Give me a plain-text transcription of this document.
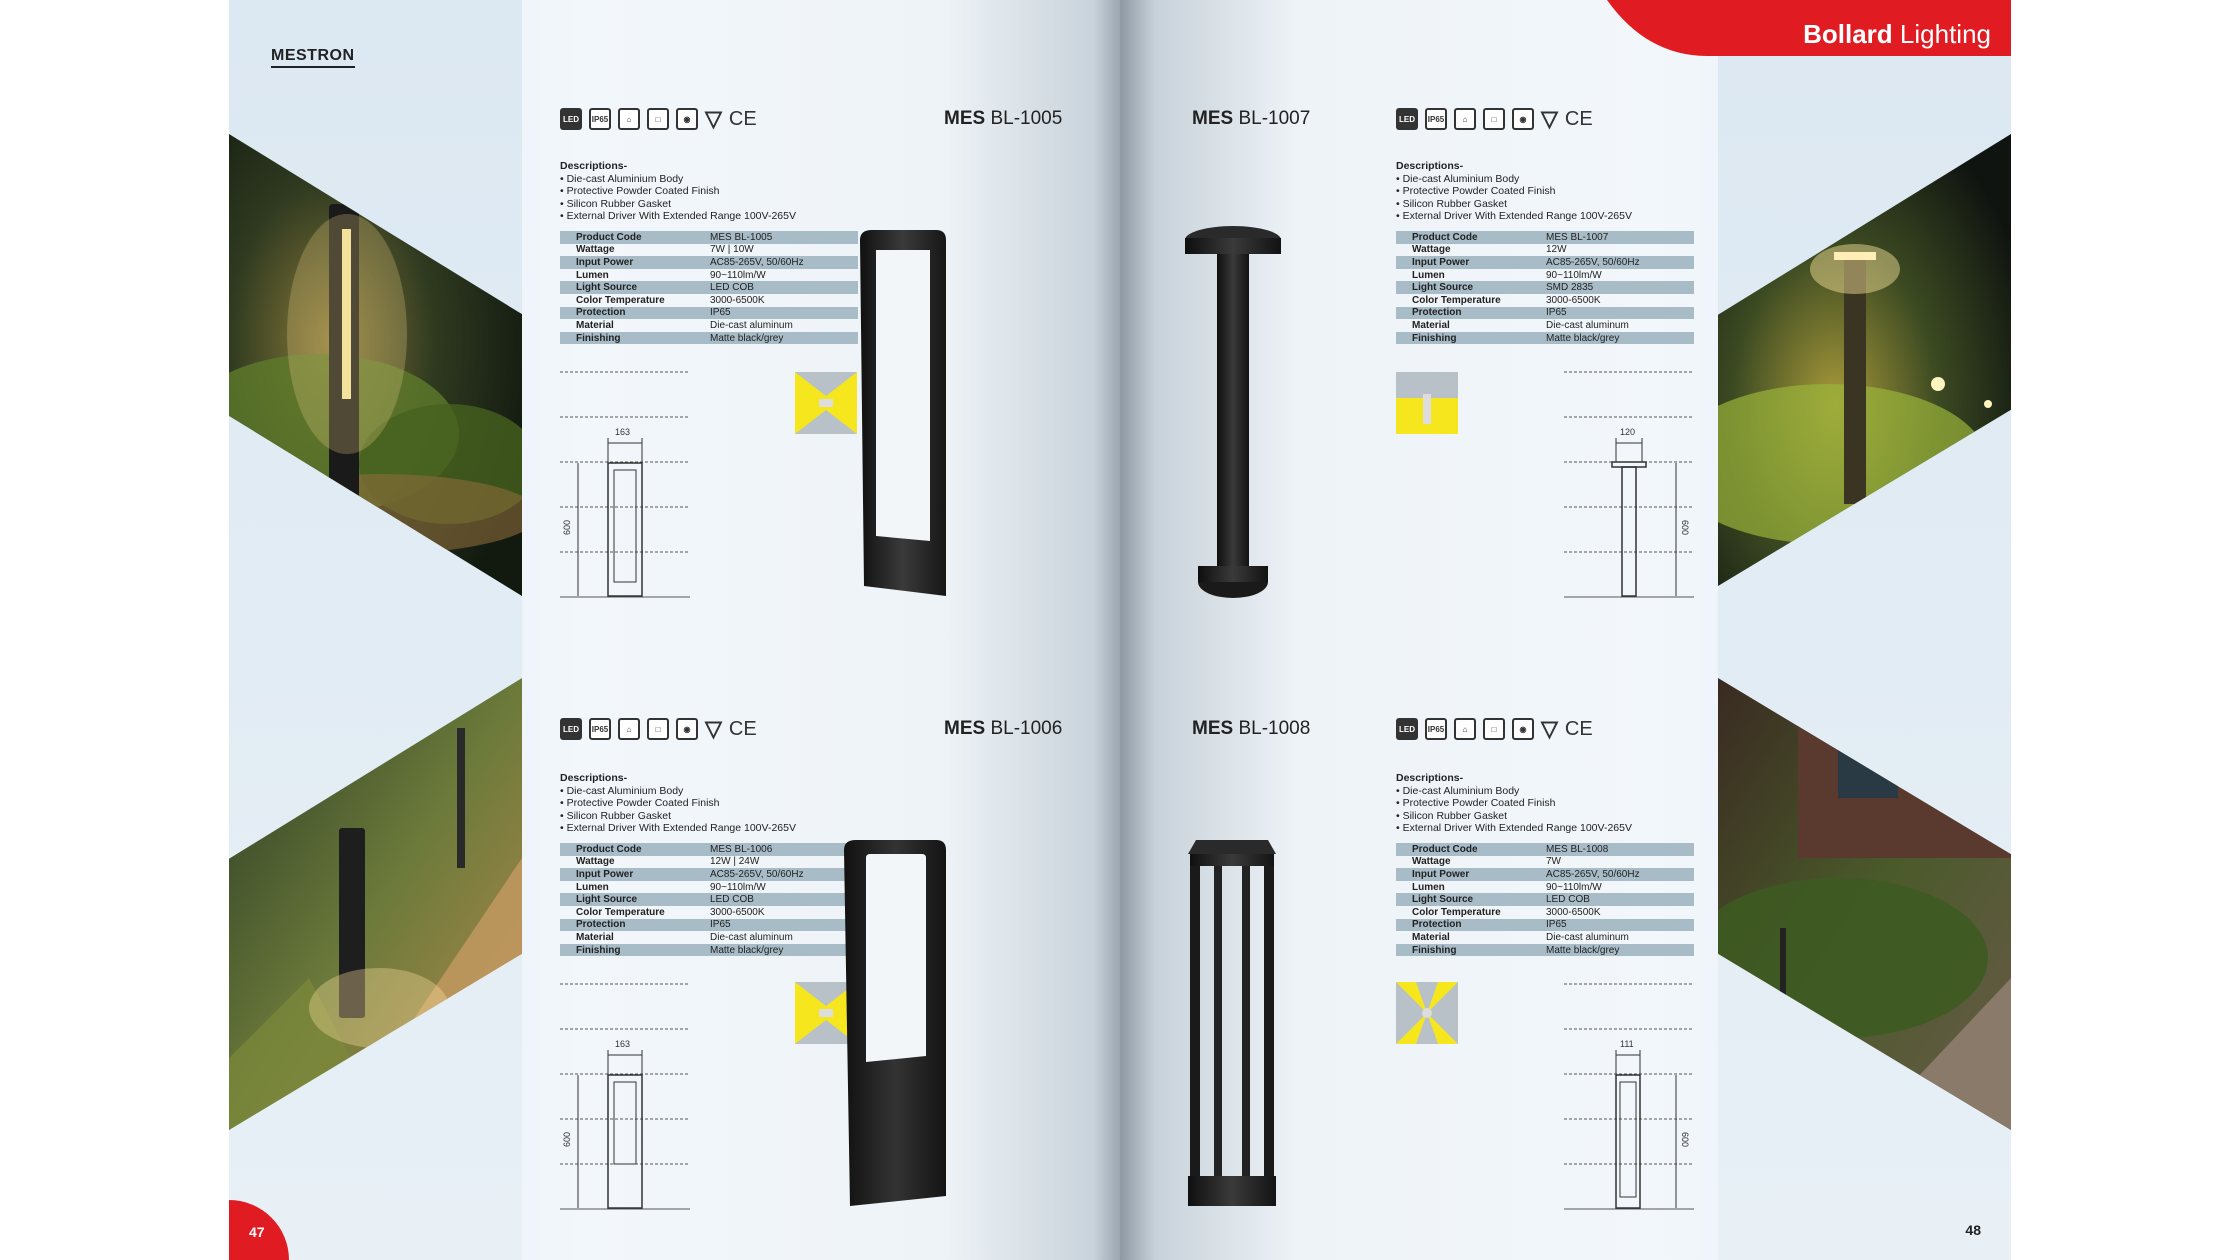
MESTRON
LED	IP65	⌂	□	◉ ▽ CE	MES BL-1005
Descriptions-
• Die-cast Aluminium Body
• Protective Powder Coated Finish
• Silicon Rubber Gasket
• External Driver With Extended Range 100V-265V
Product Code	MES BL-1005
Wattage	7W | 10W
Input Power	AC85-265V, 50/60Hz
Lumen	90~110lm/W
Light Source	LED COB
Color Temperature	3000-6500K
Protection	IP65
Material	Die-cast aluminum
Finishing	Matte black/grey
163
600
LED	IP65	⌂	□	◉ ▽ CE	MES BL-1006
Descriptions-
• Die-cast Aluminium Body
• Protective Powder Coated Finish
• Silicon Rubber Gasket
• External Driver With Extended Range 100V-265V
Product Code	MES BL-1006
Wattage	12W | 24W
Input Power	AC85-265V, 50/60Hz
Lumen	90~110lm/W
Light Source	LED COB
Color Temperature	3000-6500K
Protection	IP65
Material	Die-cast aluminum
Finishing	Matte black/grey
163
600
47
Bollard Lighting
MES BL-1007	LED	IP65	⌂	□	◉ ▽ CE
Descriptions-
• Die-cast Aluminium Body
• Protective Powder Coated Finish
• Silicon Rubber Gasket
• External Driver With Extended Range 100V-265V
Product Code	MES BL-1007
Wattage	12W
Input Power	AC85-265V, 50/60Hz
Lumen	90~110lm/W
Light Source	SMD 2835
Color Temperature	3000-6500K
Protection	IP65
Material	Die-cast aluminum
Finishing	Matte black/grey
120
600
MES BL-1008	LED	IP65	⌂	□	◉ ▽ CE
Descriptions-
• Die-cast Aluminium Body
• Protective Powder Coated Finish
• Silicon Rubber Gasket
• External Driver With Extended Range 100V-265V
Product Code	MES BL-1008
Wattage	7W
Input Power	AC85-265V, 50/60Hz
Lumen	90~110lm/W
Light Source	LED COB
Color Temperature	3000-6500K
Protection	IP65
Material	Die-cast aluminum
Finishing	Matte black/grey
111
600
48
